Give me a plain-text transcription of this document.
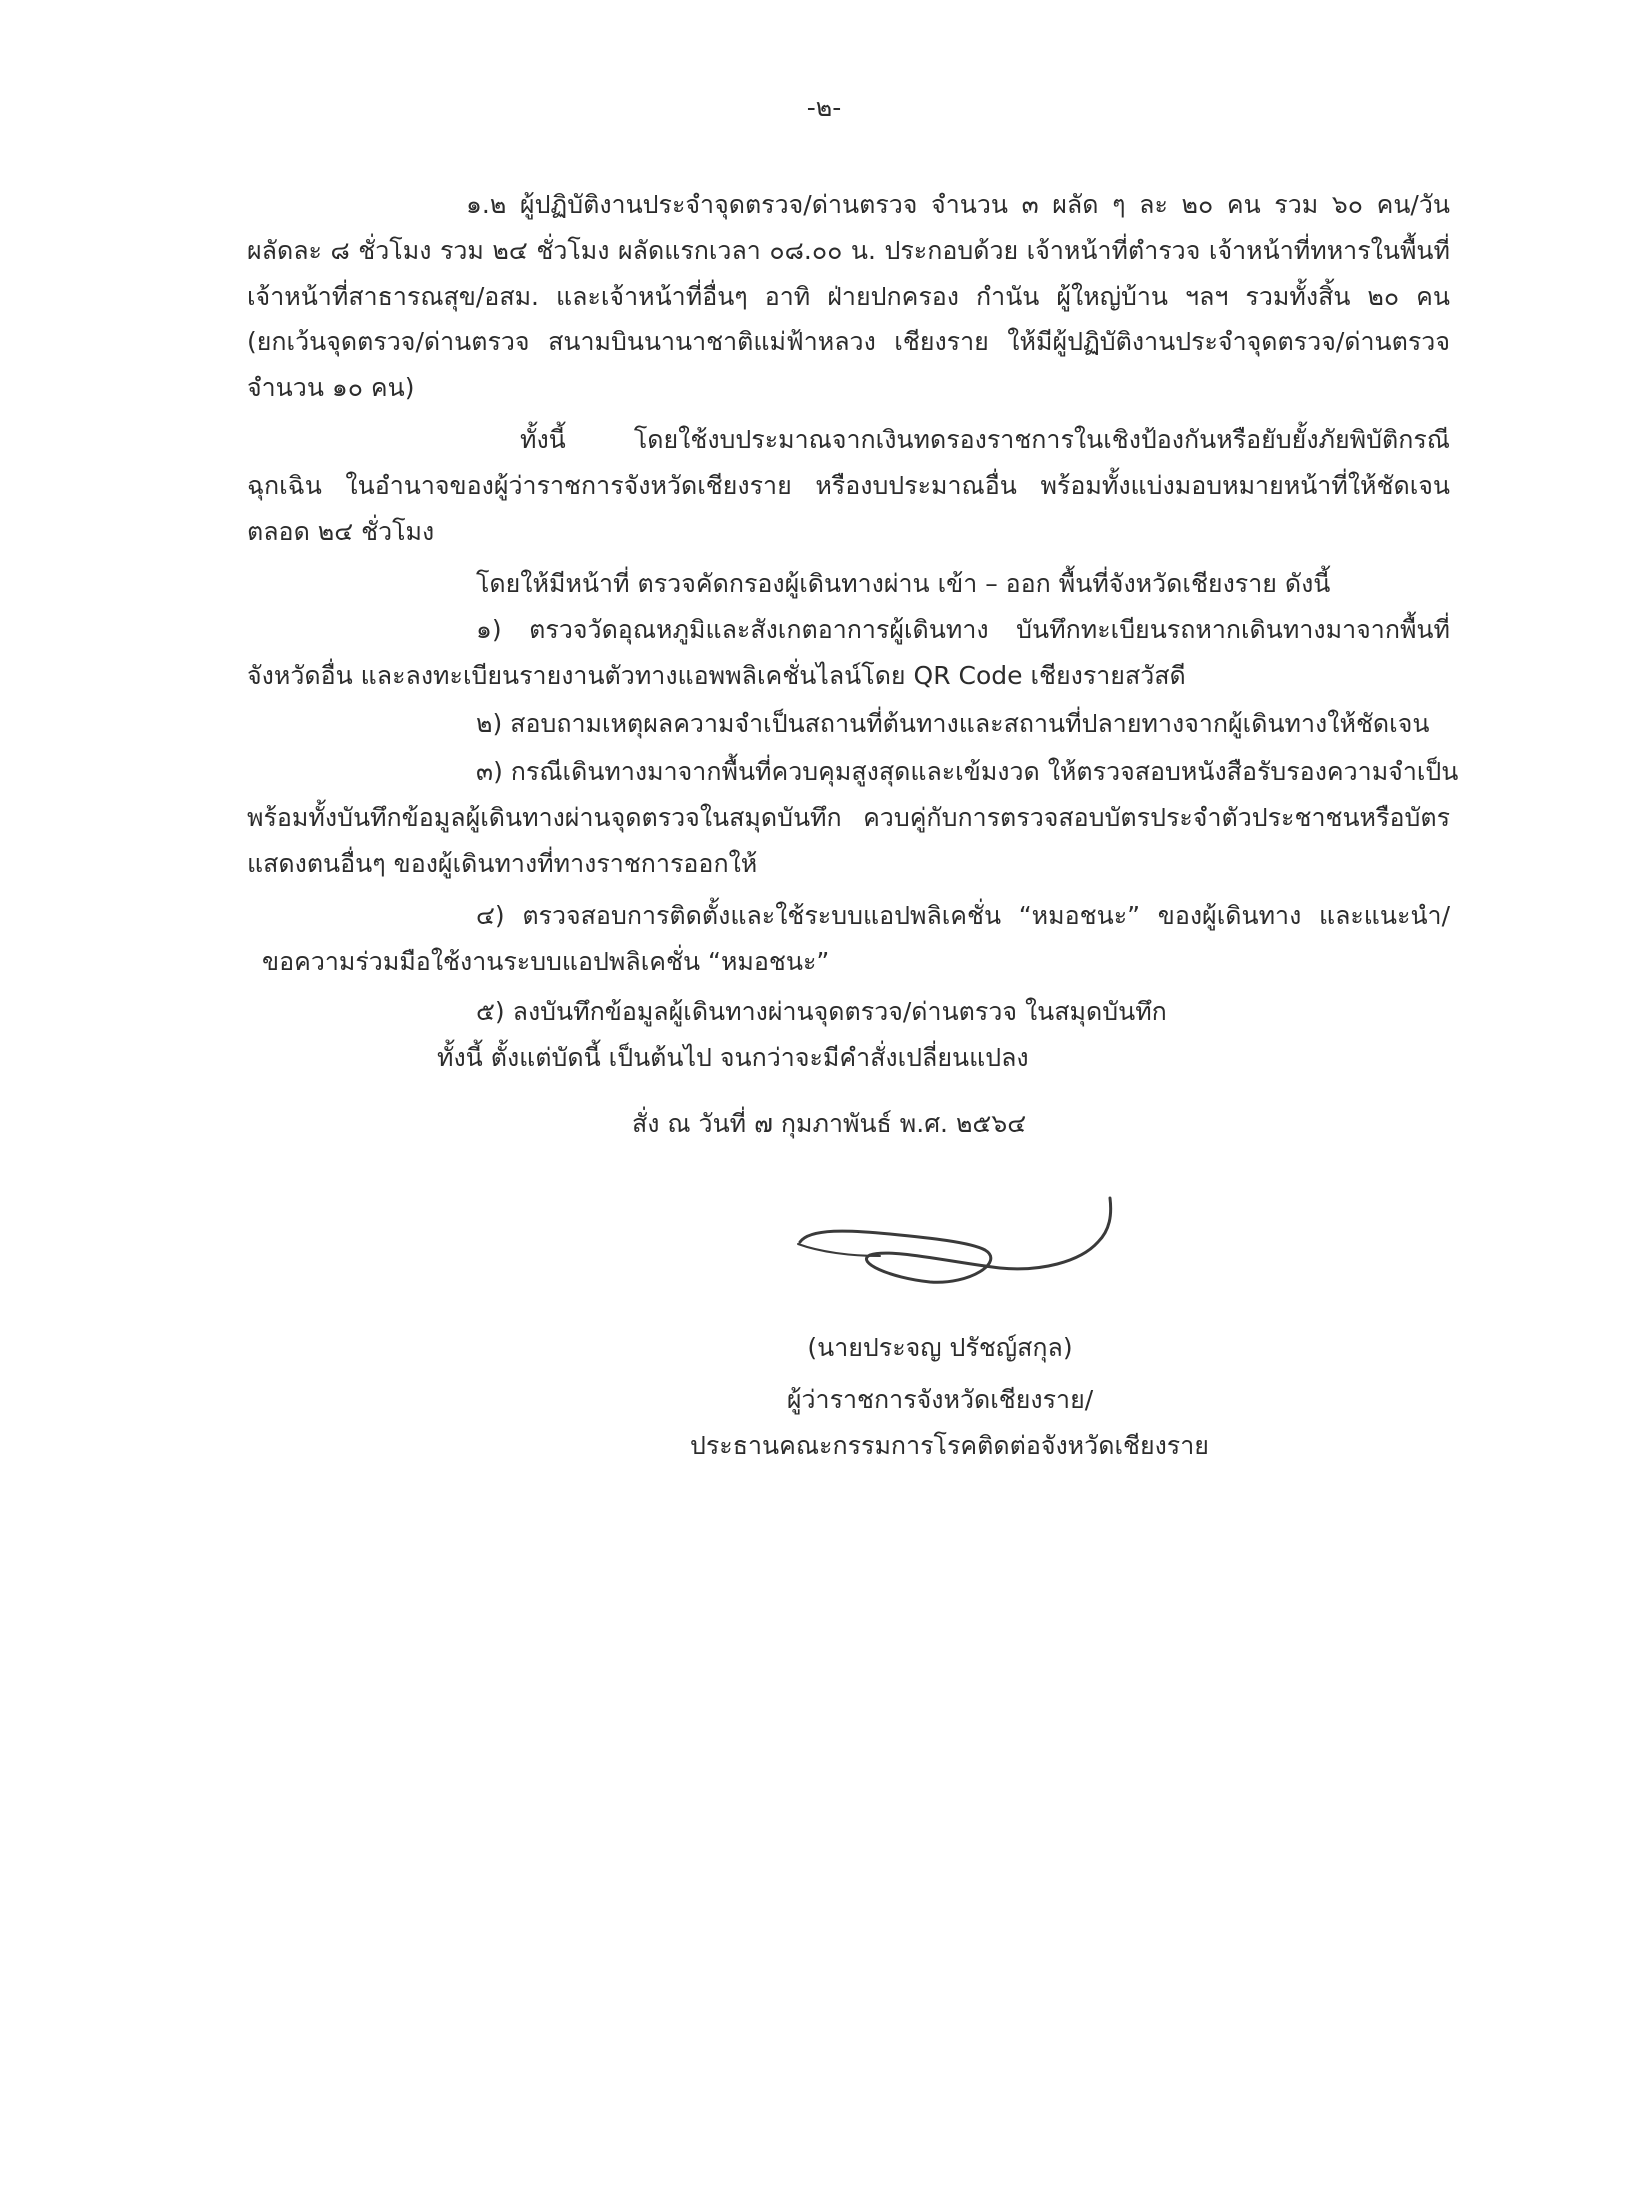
-๒-
๑.๒ ผู้ปฏิบัติงานประจำจุดตรวจ/ด่านตรวจ จำนวน ๓ ผลัด ๆ ละ ๒๐ คน รวม ๖๐ คน/วัน
ผลัดละ ๘ ชั่วโมง รวม ๒๔ ชั่วโมง ผลัดแรกเวลา ๐๘.๐๐ น. ประกอบด้วย เจ้าหน้าที่ตำรวจ เจ้าหน้าที่ทหารในพื้นที่
เจ้าหน้าที่สาธารณสุข/อสม. และเจ้าหน้าที่อื่นๆ อาทิ ฝ่ายปกครอง กำนัน ผู้ใหญ่บ้าน ฯลฯ รวมทั้งสิ้น ๒๐ คน
(ยกเว้นจุดตรวจ/ด่านตรวจ สนามบินนานาชาติแม่ฟ้าหลวง เชียงราย ให้มีผู้ปฏิบัติงานประจำจุดตรวจ/ด่านตรวจ
จำนวน ๑๐ คน)
ทั้งนี้ โดยใช้งบประมาณจากเงินทดรองราชการในเชิงป้องกันหรือยับยั้งภัยพิบัติกรณี
ฉุกเฉิน ในอำนาจของผู้ว่าราชการจังหวัดเชียงราย หรืองบประมาณอื่น พร้อมทั้งแบ่งมอบหมายหน้าที่ให้ชัดเจน
ตลอด ๒๔ ชั่วโมง
โดยให้มีหน้าที่ ตรวจคัดกรองผู้เดินทางผ่าน เข้า – ออก พื้นที่จังหวัดเชียงราย ดังนี้
๑) ตรวจวัดอุณหภูมิและสังเกตอาการผู้เดินทาง บันทึกทะเบียนรถหากเดินทางมาจากพื้นที่
จังหวัดอื่น และลงทะเบียนรายงานตัวทางแอพพลิเคชั่นไลน์โดย QR Code เชียงรายสวัสดี
๒) สอบถามเหตุผลความจำเป็นสถานที่ต้นทางและสถานที่ปลายทางจากผู้เดินทางให้ชัดเจน
๓) กรณีเดินทางมาจากพื้นที่ควบคุมสูงสุดและเข้มงวด ให้ตรวจสอบหนังสือรับรองความจำเป็น
พร้อมทั้งบันทึกข้อมูลผู้เดินทางผ่านจุดตรวจในสมุดบันทึก ควบคู่กับการตรวจสอบบัตรประจำตัวประชาชนหรือบัตร
แสดงตนอื่นๆ ของผู้เดินทางที่ทางราชการออกให้
๔) ตรวจสอบการติดตั้งและใช้ระบบแอปพลิเคชั่น “หมอชนะ” ของผู้เดินทาง และแนะนำ/
ขอความร่วมมือใช้งานระบบแอปพลิเคชั่น “หมอชนะ”
๕) ลงบันทึกข้อมูลผู้เดินทางผ่านจุดตรวจ/ด่านตรวจ ในสมุดบันทึก
ทั้งนี้ ตั้งแต่บัดนี้ เป็นต้นไป จนกว่าจะมีคำสั่งเปลี่ยนแปลง
สั่ง ณ วันที่ ๗ กุมภาพันธ์ พ.ศ. ๒๕๖๔
(นายประจญ ปรัชญ์สกุล)
ผู้ว่าราชการจังหวัดเชียงราย/
ประธานคณะกรรมการโรคติดต่อจังหวัดเชียงราย
